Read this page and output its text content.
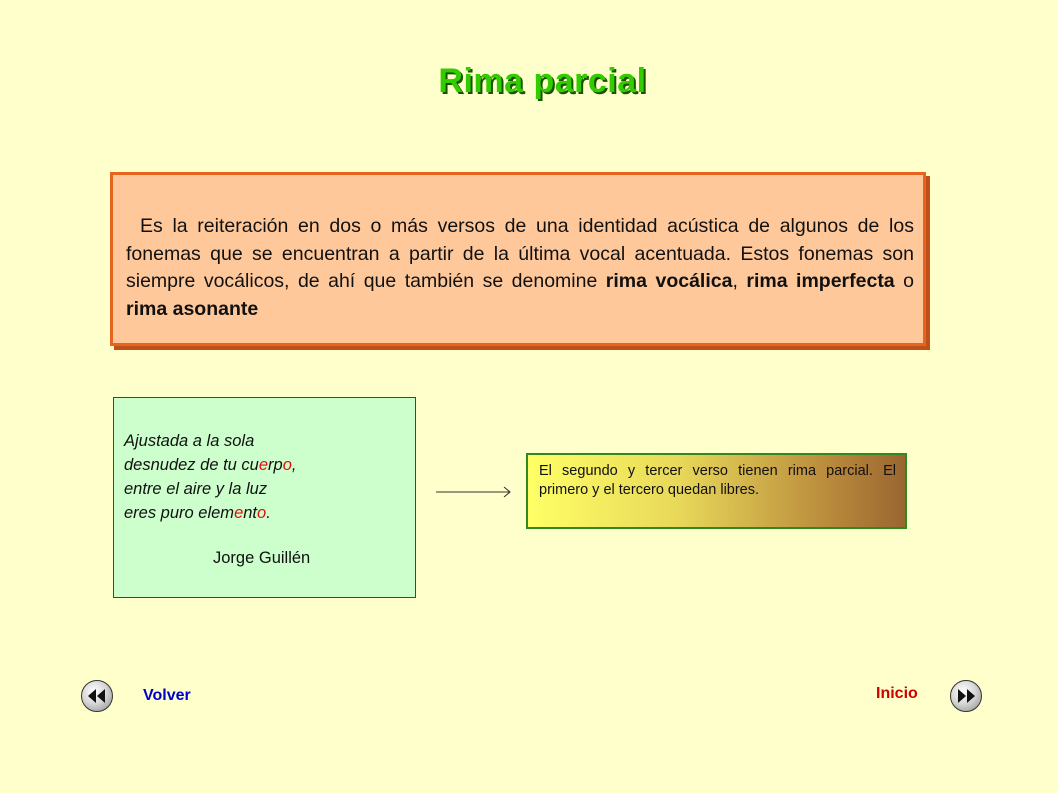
Rima parcial
Es la reiteración en dos o más versos de una identidad acústica de algunos de los fonemas que se encuentran a partir de la última vocal acentuada. Estos fonemas son siempre vocálicos, de ahí que también se denomine rima vocálica, rima imperfecta o rima asonante
Ajustada a la sola
desnudez de tu cuerpo,
entre el aire y la luz
eres puro elemento.
Jorge Guillén
El segundo y tercer verso tienen rima parcial. El primero y el tercero quedan libres.
Volver	Inicio
